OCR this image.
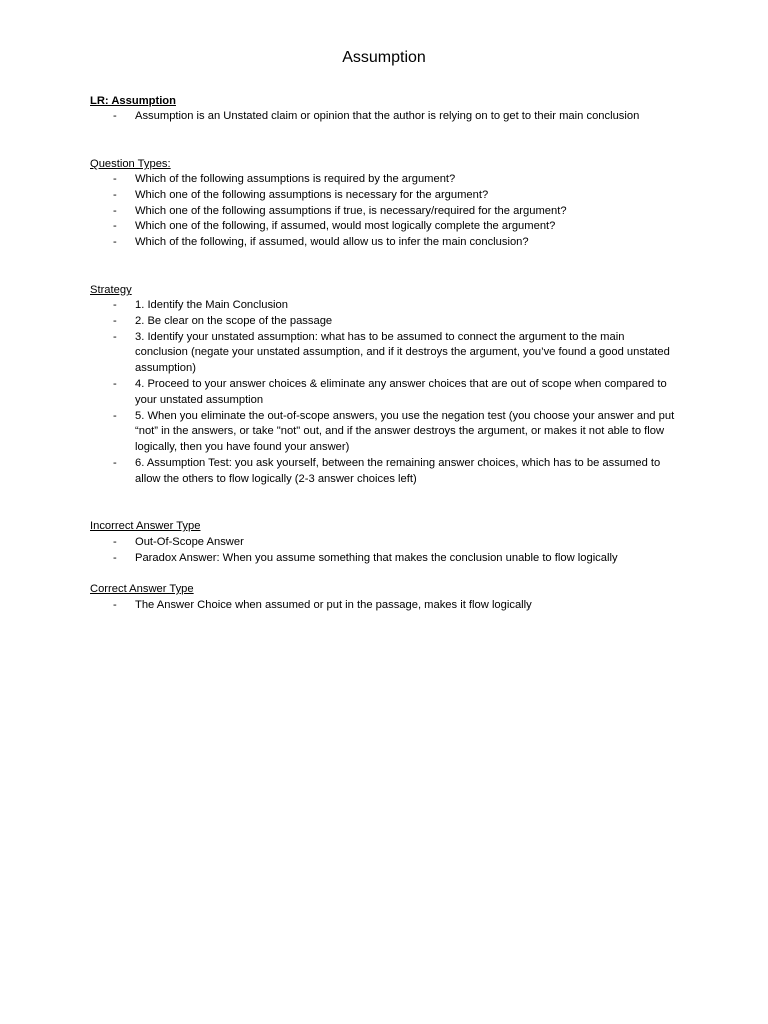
Assumption
LR: Assumption
- Assumption is an Unstated claim or opinion that the author is relying on to get to their main conclusion
Question Types:
- Which of the following assumptions is required by the argument?
- Which one of the following assumptions is necessary for the argument?
- Which one of the following assumptions if true, is necessary/required for the argument?
- Which one of the following, if assumed, would most logically complete the argument?
- Which of the following, if assumed, would allow us to infer the main conclusion?
Strategy
- 1. Identify the Main Conclusion
- 2. Be clear on the scope of the passage
- 3. Identify your unstated assumption: what has to be assumed to connect the argument to the main conclusion (negate your unstated assumption, and if it destroys the argument, you’ve found a good unstated assumption)
- 4. Proceed to your answer choices & eliminate any answer choices that are out of scope when compared to your unstated assumption
- 5. When you eliminate the out-of-scope answers, you use the negation test (you choose your answer and put “not” in the answers, or take "not" out, and if the answer destroys the argument, or makes it not able to flow logically, then you have found your answer)
- 6. Assumption Test: you ask yourself, between the remaining answer choices, which has to be assumed to allow the others to flow logically (2-3 answer choices left)
Incorrect Answer Type
- Out-Of-Scope Answer
- Paradox Answer: When you assume something that makes the conclusion unable to flow logically
Correct Answer Type
- The Answer Choice when assumed or put in the passage, makes it flow logically
